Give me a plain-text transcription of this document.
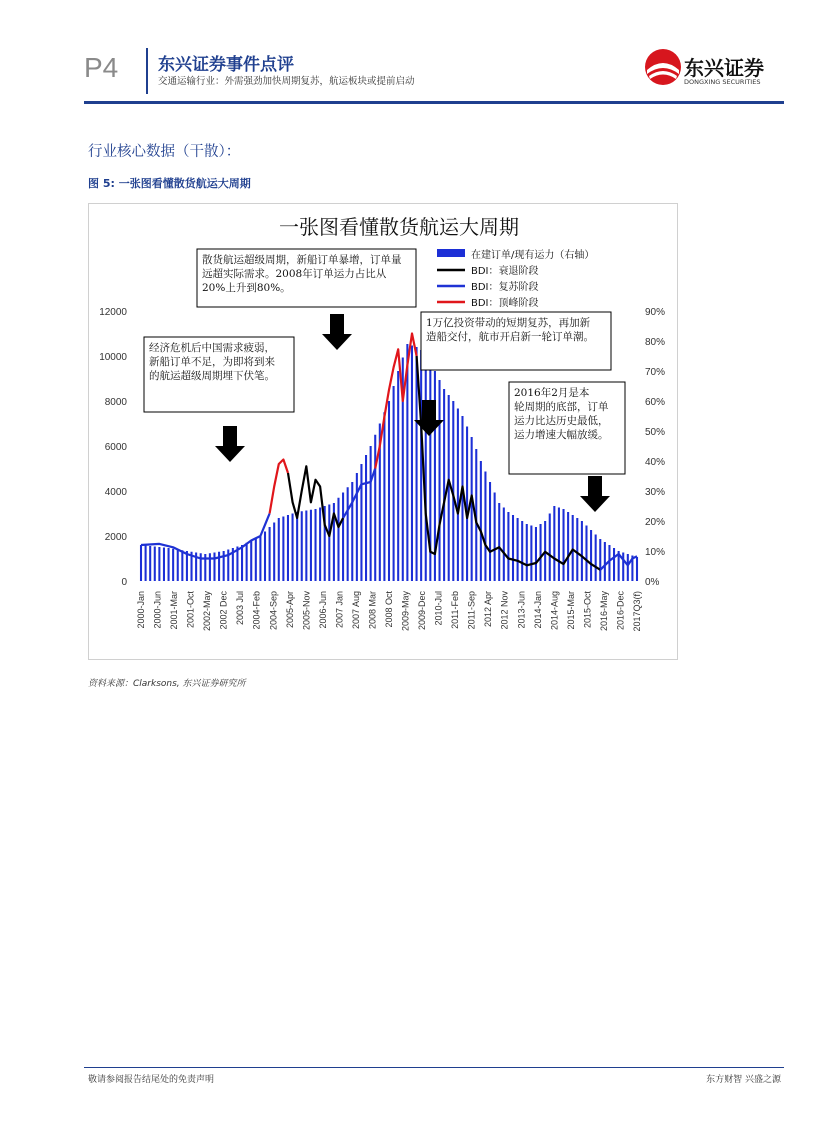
P4 东兴证券事件点评
交通运输行业：外需强劲加快周期复苏，航运板块或提前启动
东兴证券
DONGXING SECURITIES
行业核心数据（干散）：
图 5: 一张图看懂散货航运大周期
一张图看懂散货航运大周期
12000
10000
8000
6000
4000
2000
0
90%
80%
70%
60%
50%
40%
30%
20%
10%
0%
2000-Jan 2000-Jun 2001-Mar 2001-Oct 2002-May 2002 Dec 2003 Jul 2004-Feb 2004-Sep 2005-Apr 2005-Nov 2006-Jun 2007 Jan 2007 Aug 2008 Mar 2008 Oct 2009-May 2009-Dec 2010-Jul 2011-Feb 2011-Sep 2012 Apr 2012 Nov 2013-Jun 2014-Jan 2014-Aug 2015-Mar 2015-Oct 2016-May 2016-Dec 2017Q3(f)
在建订单/现有运力（右轴）
BDI：衰退阶段
BDI：复苏阶段
BDI：顶峰阶段
散货航运超级周期，新船订单暴增，订单量远超实际需求。2008年订单运力占比从 20%上升到80%。
经济危机后中国需求疲弱，新船订单不足，为即将到来的航运超级周期埋下伏笔。
1万亿投资带动的短期复苏，再加新造船交付，航市开启新一轮订单潮。
2016年2月是本轮周期的底部，订单运力比达历史最低，运力增速大幅放缓。
资料来源：Clarksons, 东兴证券研究所
敬请参阅报告结尾处的免责声明	东方财智 兴盛之源
